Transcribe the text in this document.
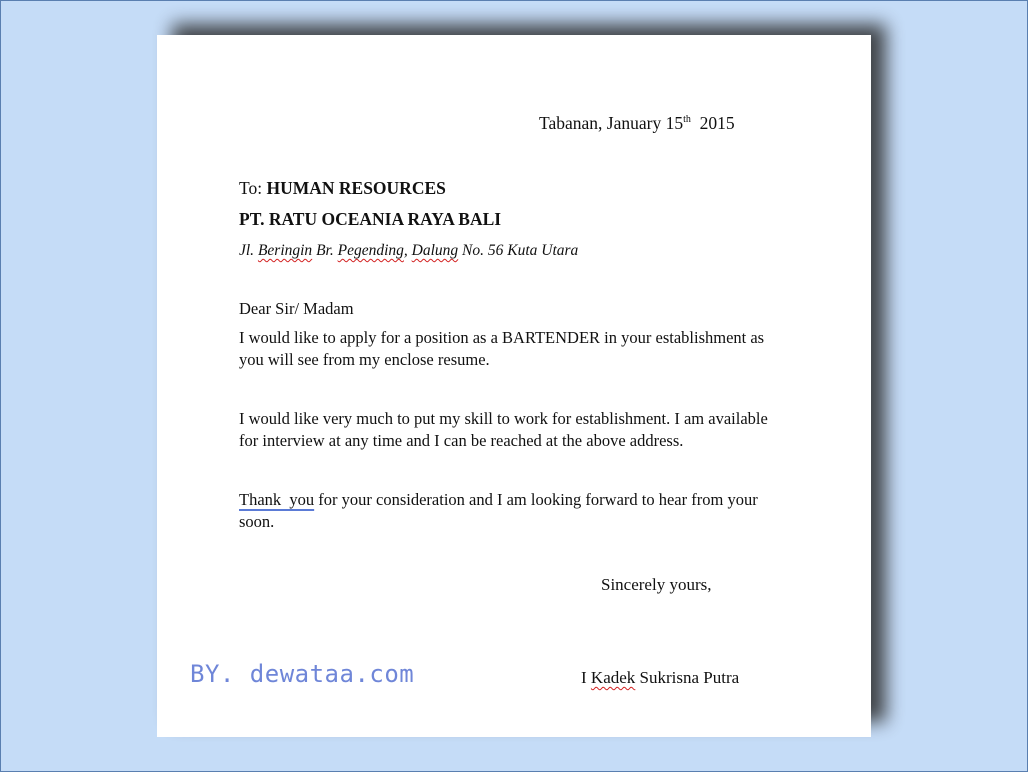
Tabanan, January 15th 2015
To: HUMAN RESOURCES
PT. RATU OCEANIA RAYA BALI
Jl. Beringin Br. Pegending, Dalung No. 56 Kuta Utara
Dear Sir/ Madam
I would like to apply for a position as a BARTENDER in your establishment as
you will see from my enclose resume.
I would like very much to put my skill to work for establishment. I am available
for interview at any time and I can be reached at the above address.
Thank  you for your consideration and I am looking forward to hear from your
soon.
Sincerely yours,
I Kadek Sukrisna Putra
BY. dewataa.com
